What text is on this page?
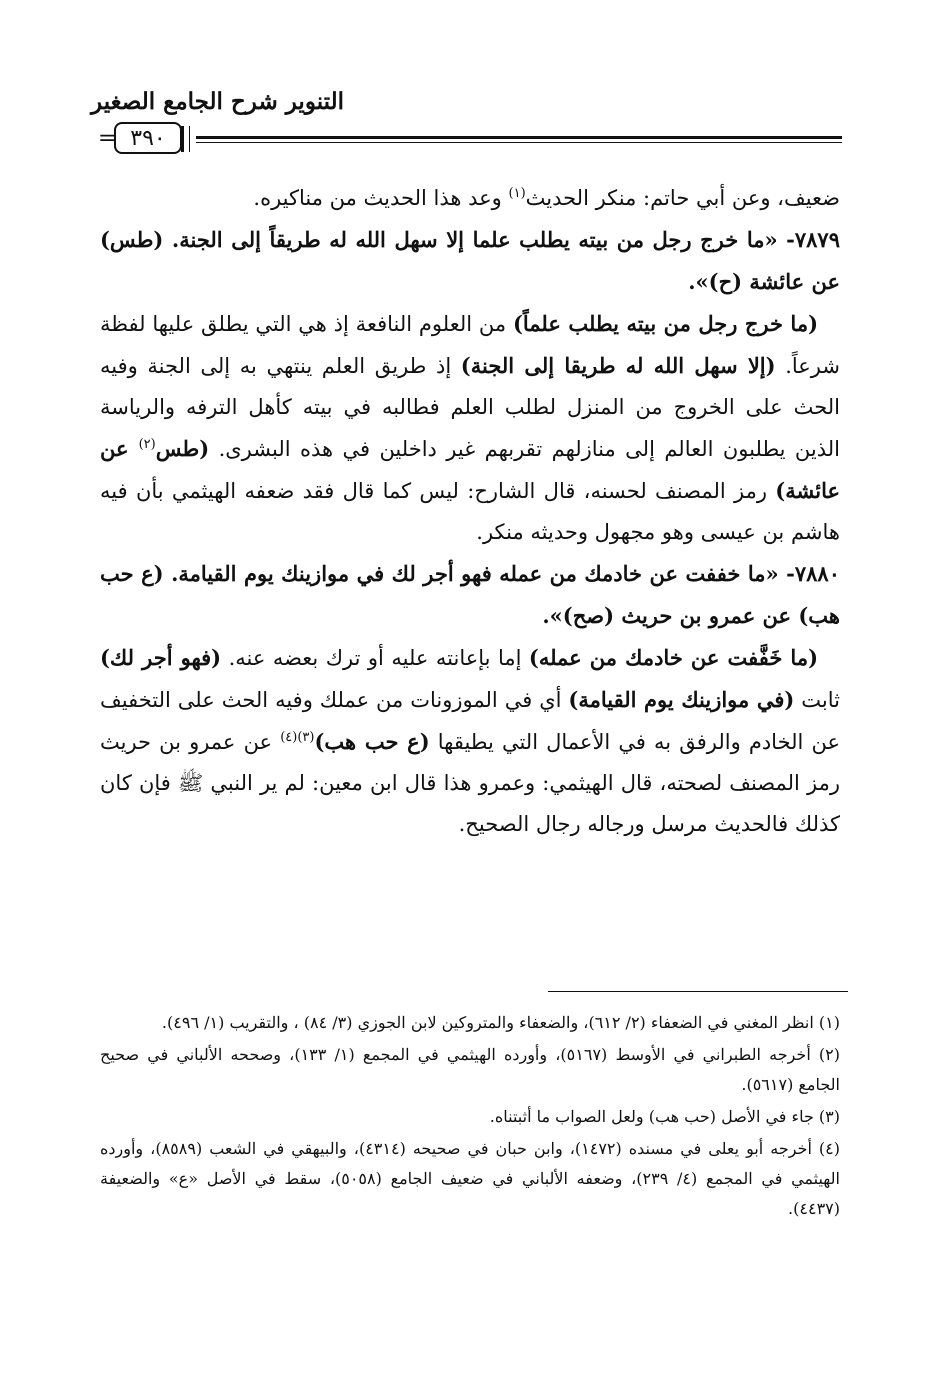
التنوير شرح الجامع الصغير
= ٣٩٠

ضعيف، وعن أبي حاتم: منكر الحديث$^{(١)}$ وعد هذا الحديث من مناكيره.

٧٨٧٩- «ما خرج رجل من بيته يطلب علما إلا سهل الله له طريقاً إلى الجنة. (طس) عن عائشة (ح)».

(ما خرج رجل من بيته يطلب علماً) من العلوم النافعة إذ هي التي يطلق عليها لفظة شرعاً. (إلا سهل الله له طريقا إلى الجنة) إذ طريق العلم ينتهي به إلى الجنة وفيه الحث على الخروج من المنزل لطلب العلم فطالبه في بيته كأهل الترفه والرياسة الذين يطلبون العالم إلى منازلهم تقربهم غير داخلين في هذه البشرى. (طس$^{(٢)}$ عن عائشة) رمز المصنف لحسنه، قال الشارح: ليس كما قال فقد ضعفه الهيثمي بأن فيه هاشم بن عيسى وهو مجهول وحديثه منكر.

٧٨٨٠- «ما خففت عن خادمك من عمله فهو أجر لك في موازينك يوم القيامة. (ع حب هب) عن عمرو بن حريث (صح)».

(ما خَفَّفت عن خادمك من عمله) إما بإعانته عليه أو ترك بعضه عنه. (فهو أجر لك) ثابت (في موازينك يوم القيامة) أي في الموزونات من عملك وفيه الحث على التخفيف عن الخادم والرفق به في الأعمال التي يطيقها (ع حب هب)$^{(٣)(٤)}$ عن عمرو بن حريث رمز المصنف لصحته، قال الهيثمي: وعمرو هذا قال ابن معين: لم ير النبي ﷺ فإن كان كذلك فالحديث مرسل ورجاله رجال الصحيح.

(١) انظر المغني في الضعفاء (٢/ ٦١٢)، والضعفاء والمتروكين لابن الجوزي (٣/ ٨٤) ، والتقريب (١/ ٤٩٦).

(٢) أخرجه الطبراني في الأوسط (٥١٦٧)، وأورده الهيثمي في المجمع (١/ ١٣٣)، وصححه الألباني في صحيح الجامع (٥٦١٧).

(٣) جاء في الأصل (حب هب) ولعل الصواب ما أثبتناه.

(٤) أخرجه أبو يعلى في مسنده (١٤٧٢)، وابن حبان في صحيحه (٤٣١٤)، والبيهقي في الشعب (٨٥٨٩)، وأورده الهيثمي في المجمع (٤/ ٢٣٩)، وضعفه الألباني في ضعيف الجامع (٥٠٥٨)، سقط في الأصل «ع» والضعيفة (٤٤٣٧).
